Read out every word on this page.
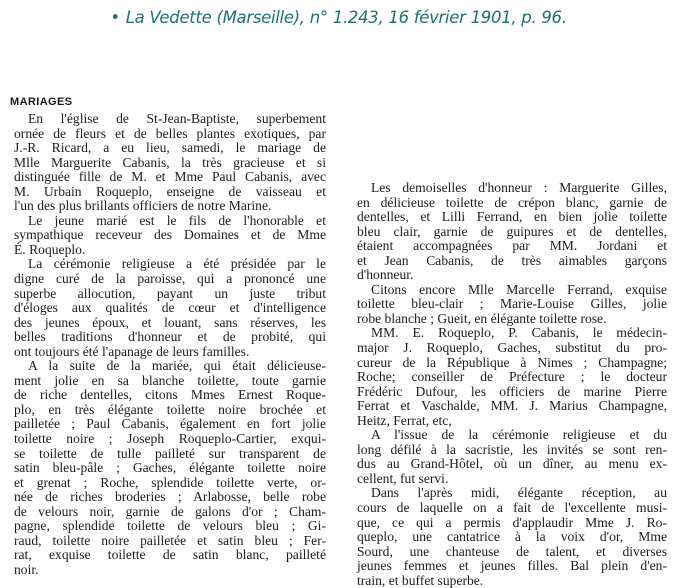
• La Vedette (Marseille), n° 1.243, 16 février 1901, p. 96.
MARIAGES
En l'église de St-Jean-Baptiste, superbement
ornée de fleurs et de belles plantes exotiques, par
J.-R. Ricard, a eu lieu, samedi, le mariage de
Mlle Marguerite Cabanis, la très gracieuse et si
distinguée fille de M. et Mme Paul Cabanis, avec
M. Urbain Roqueplo, enseigne de vaisseau et
l'un des plus brillants officiers de notre Marine.
Le jeune marié est le fils de l'honorable et
sympathique receveur des Domaines et de Mme
É. Roqueplo.
La cérémonie religieuse a été présidée par le
digne curé de la paroisse, qui a prononcé une
superbe allocution, payant un juste tribut
d'éloges aux qualités de cœur et d'intelligence
des jeunes époux, et louant, sans réserves, les
belles traditions d'honneur et de probité, qui
ont toujours été l'apanage de leurs familles.
A la suite de la mariée, qui était délicieuse-
ment jolie en sa blanche toilette, toute garnie
de riche dentelles, citons Mmes Ernest Roque-
plo, en très élégante toilette noire brochée et
pailletée ; Paul Cabanis, également en fort jolie
toilette noire ; Joseph Roqueplo-Cartier, exqui-
se toilette de tulle pailleté sur transparent de
satin bleu-pâle ; Gaches, élégante toilette noire
et grenat ; Roche, splendide toilette verte, or-
née de riches broderies ; Arlabosse, belle robe
de velours noir, garnie de galons d'or ; Cham-
pagne, splendide toilette de velours bleu ; Gi-
raud, toilette noire pailletée et satin bleu ; Fer-
rat, exquise toilette de satin blanc, pailleté
noir.
Les demoiselles d'honneur : Marguerite Gilles,
en délicieuse toilette de crépon blanc, garnie de
dentelles, et Lilli Ferrand, en bien jolie toilette
bleu clair, garnie de guipures et de dentelles,
étaient accompagnées par MM. Jordani et
et Jean Cabanis, de très aimables garçons
d'honneur.
Citons encore Mlle Marcelle Ferrand, exquise
toilette bleu-clair ; Marie-Louise Gilles, jolie
robe blanche ; Gueit, en élégante toilette rose.
MM. E. Roqueplo, P. Cabanis, le médecin-
major J. Roqueplo, Gaches, substitut du pro-
cureur de la République à Nimes ; Champagne;
Roche; conseiller de Préfecture ; le docteur
Frédéric Dufour, les officiers de marine Pierre
Ferrat et Vaschalde, MM. J. Marius Champagne,
Heitz, Ferrat, etc,
A l'issue de la cérémonie religieuse et du
long défilé à la sacristie, les invités se sont ren-
dus au Grand-Hôtel, où un dîner, au menu ex-
cellent, fut servi.
Dans l'après midi, élégante réception, au
cours de laquelle on a fait de l'excellente musi-
que, ce qui a permis d'applaudir Mme J. Ro-
queplo, une cantatrice à la voix d'or, Mme
Sourd, une chanteuse de talent, et diverses
jeunes femmes et jeunes filles. Bal plein d'en-
train, et buffet superbe.
